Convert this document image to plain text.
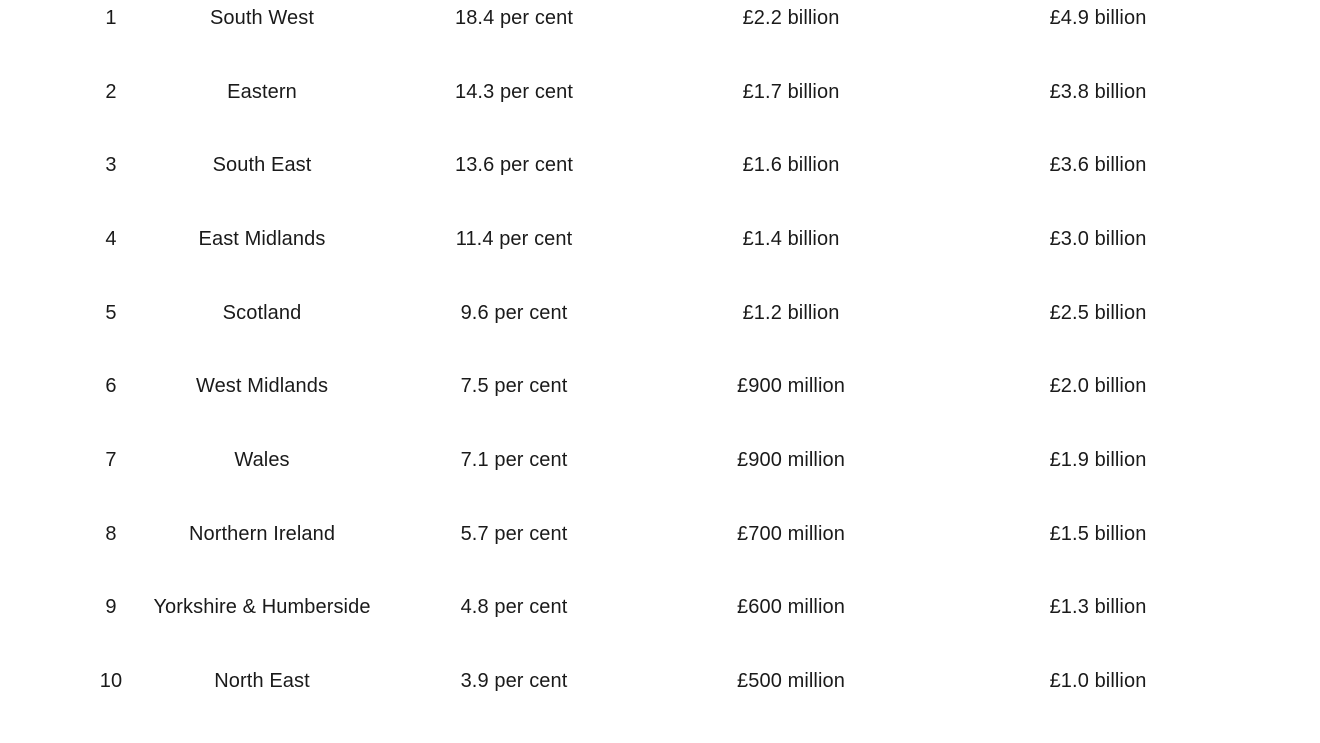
1	South West	18.4 per cent	£2.2 billion	£4.9 billion
2	Eastern	14.3 per cent	£1.7 billion	£3.8 billion
3	South East	13.6 per cent	£1.6 billion	£3.6 billion
4	East Midlands	11.4 per cent	£1.4 billion	£3.0 billion
5	Scotland	9.6 per cent	£1.2 billion	£2.5 billion
6	West Midlands	7.5 per cent	£900 million	£2.0 billion
7	Wales	7.1 per cent	£900 million	£1.9 billion
8	Northern Ireland	5.7 per cent	£700 million	£1.5 billion
9 Yorkshire & Humberside	4.8 per cent	£600 million	£1.3 billion
10	North East	3.9 per cent	£500 million	£1.0 billion
